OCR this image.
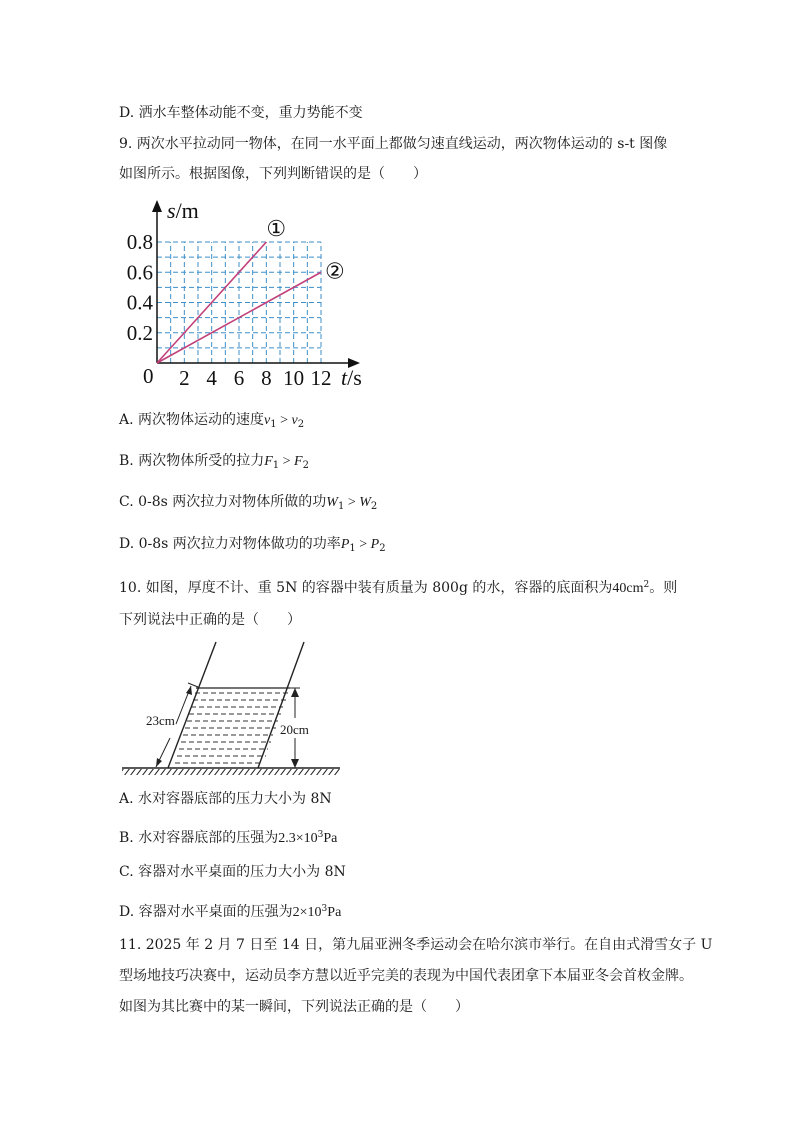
D. 洒水车整体动能不变，重力势能不变
9. 两次水平拉动同一物体，在同一水平面上都做匀速直线运动，两次物体运动的 s-t 图像
如图所示。根据图像，下列判断错误的是（　　）
①
②
2 4 6 8 10 12
0.2
0.4
0.6
0.8
0	t/s
s/m
A. 两次物体运动的速度$v_1 > v_2$
B. 两次物体所受的拉力$F_1 > F_2$
C. 0-8s 两次拉力对物体所做的功$W_1 > W_2$
D. 0-8s 两次拉力对物体做功的功率$P_1 > P_2$
10. 如图，厚度不计、重 5N 的容器中装有质量为 800g 的水，容器的底面积为$40cm^2$。则
下列说法中正确的是（　　）
23cm
20cm
A. 水对容器底部的压力大小为 8N
B. 水对容器底部的压强为$2.3\times 10^3Pa$
C. 容器对水平桌面的压力大小为 8N
D. 容器对水平桌面的压强为$2\times 10^3Pa$
11. 2025 年 2 月 7 日至 14 日，第九届亚洲冬季运动会在哈尔滨市举行。在自由式滑雪女子 U
型场地技巧决赛中，运动员李方慧以近乎完美的表现为中国代表团拿下本届亚冬会首枚金牌。
如图为其比赛中的某一瞬间，下列说法正确的是（　　）
